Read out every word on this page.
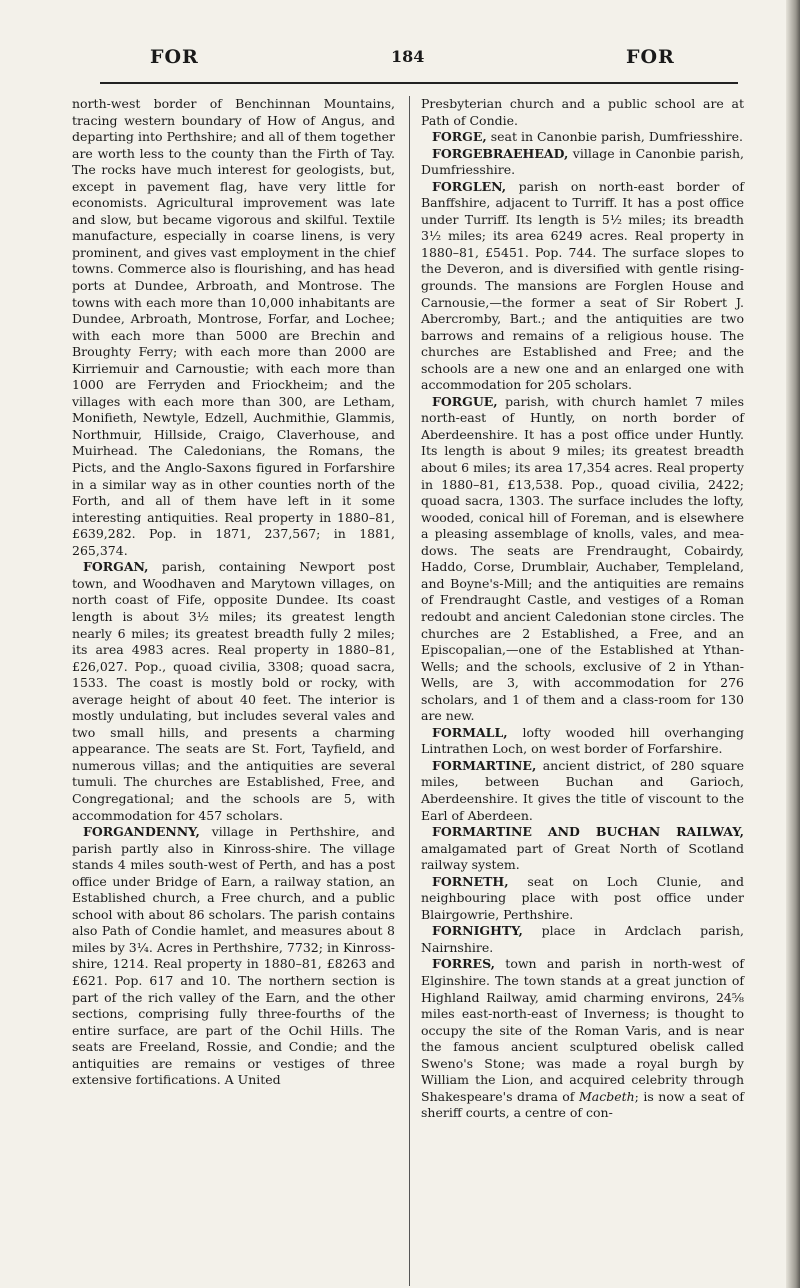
FOR	184	FOR

north-west border of Benchinnan Mountains, tracing western boundary of How of Angus, and departing into Perthshire; and all of them together are worth less to the county than the Firth of Tay. The rocks have much interest for geologists, but, except in pavement flag, have very little for economists. Agricultural improvement was late and slow, but became vigorous and skilful. Textile manufacture, especially in coarse linens, is very prominent, and gives vast employment in the chief towns. Commerce also is flourishing, and has head ports at Dundee, Arbroath, and Montrose. The towns with each more than 10,000 inhabitants are Dundee, Arbroath, Montrose, Forfar, and Lochee; with each more than 5000 are Brechin and Broughty Ferry; with each more than 2000 are Kirriemuir and Carnoustie; with each more than 1000 are Ferryden and Friockheim; and the villages with each more than 300, are Letham, Monifieth, Newtyle, Edzell, Auchmithie, Glammis, Northmuir, Hillside, Craigo, Claverhouse, and Muirhead. The Caledonians, the Romans, the Picts, and the Anglo-Saxons figured in Forfarshire in a similar way as in other counties north of the Forth, and all of them have left in it some interesting antiquities. Real property in 1880–81, £639,282. Pop. in 1871, 237,567; in 1881, 265,374.

FORGAN, parish, containing Newport post town, and Woodhaven and Marytown villages, on north coast of Fife, opposite Dundee. Its coast length is about 3½ miles; its greatest length nearly 6 miles; its greatest breadth fully 2 miles; its area 4983 acres. Real property in 1880–81, £26,027. Pop., quoad civilia, 3308; quoad sacra, 1533. The coast is mostly bold or rocky, with average height of about 40 feet. The interior is mostly undulating, but includes several vales and two small hills, and presents a charming appearance. The seats are St. Fort, Tayfield, and numerous villas; and the antiquities are several tumuli. The churches are Established, Free, and Congregational; and the schools are 5, with accommodation for 457 scholars.

FORGANDENNY, village in Perthshire, and parish partly also in Kinross-shire. The village stands 4 miles south-west of Perth, and has a post office under Bridge of Earn, a railway station, an Established church, a Free church, and a public school with about 86 scholars. The parish contains also Path of Condie hamlet, and measures about 8 miles by 3¼. Acres in Perthshire, 7732; in Kinross-shire, 1214. Real property in 1880–81, £8263 and £621. Pop. 617 and 10. The northern section is part of the rich valley of the Earn, and the other sections, comprising fully three-fourths of the entire surface, are part of the Ochil Hills. The seats are Freeland, Rossie, and Condie; and the antiquities are remains or vestiges of three extensive fortifications. A United

Presbyterian church and a public school are at Path of Condie.

FORGE, seat in Canonbie parish, Dumfriesshire.

FORGEBRAEHEAD, village in Canonbie parish, Dumfriesshire.

FORGLEN, parish on north-east border of Banffshire, adjacent to Turriff. It has a post office under Turriff. Its length is 5½ miles; its breadth 3½ miles; its area 6249 acres. Real property in 1880–81, £5451. Pop. 744. The surface slopes to the Deveron, and is diversified with gentle rising-grounds. The mansions are Forglen House and Carnousie,—the former a seat of Sir Robert J. Abercromby, Bart.; and the antiquities are two barrows and remains of a religious house. The churches are Established and Free; and the schools are a new one and an enlarged one with accommodation for 205 scholars.

FORGUE, parish, with church hamlet 7 miles north-east of Huntly, on north border of Aberdeenshire. It has a post office under Huntly. Its length is about 9 miles; its greatest breadth about 6 miles; its area 17,354 acres. Real property in 1880–81, £13,538. Pop., quoad civilia, 2422; quoad sacra, 1303. The surface includes the lofty, wooded, conical hill of Foreman, and is elsewhere a pleasing assemblage of knolls, vales, and meadows. The seats are Frendraught, Cobairdy, Haddo, Corse, Drumblair, Auchaber, Templeland, and Boyne's-Mill; and the antiquities are remains of Frendraught Castle, and vestiges of a Roman redoubt and ancient Caledonian stone circles. The churches are 2 Established, a Free, and an Episcopalian,—one of the Established at Ythan-Wells; and the schools, exclusive of 2 in Ythan-Wells, are 3, with accommodation for 276 scholars, and 1 of them and a class-room for 130 are new.

FORMALL, lofty wooded hill overhanging Lintrathen Loch, on west border of Forfarshire.

FORMARTINE, ancient district, of 280 square miles, between Buchan and Garioch, Aberdeenshire. It gives the title of viscount to the Earl of Aberdeen.

FORMARTINE AND BUCHAN RAILWAY, amalgamated part of Great North of Scotland railway system.

FORNETH, seat on Loch Clunie, and neighbouring place with post office under Blairgowrie, Perthshire.

FORNIGHTY, place in Ardclach parish, Nairnshire.

FORRES, town and parish in north-west of Elginshire. The town stands at a great junction of Highland Railway, amid charming environs, 24⅝ miles east-north-east of Inverness; is thought to occupy the site of the Roman Varis, and is near the famous ancient sculptured obelisk called Sweno's Stone; was made a royal burgh by William the Lion, and acquired celebrity through Shakespeare's drama of Macbeth; is now a seat of sheriff courts, a centre of con-
